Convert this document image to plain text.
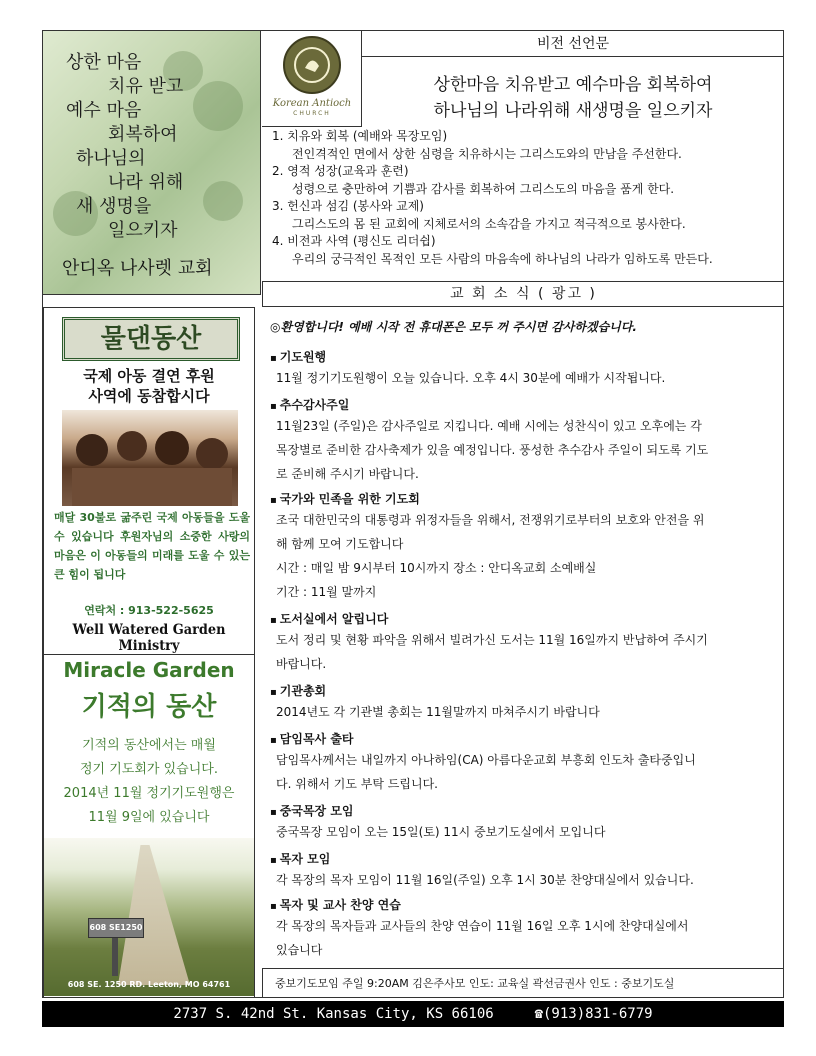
상한 마음
치유 받고
예수 마음
회복하여
하나님의
나라 위해
새 생명을
일으키자
안디옥 나사렛 교회
Korean Antioch
CHURCH
비전 선언문
상한마음 치유받고 예수마음 회복하여
하나님의 나라위해 새생명을 일으키자
1. 치유와 회복 (예배와 목장모임)
전인격적인 면에서 상한 심령을 치유하시는 그리스도와의 만남을 주선한다.
2. 영적 성장(교육과 훈련)
성령으로 충만하여 기쁨과 감사를 회복하여 그리스도의 마음을 품게 한다.
3. 헌신과 섬김 (봉사와 교제)
그리스도의 몸 된 교회에 지체로서의 소속감을 가지고 적극적으로 봉사한다.
4. 비전과 사역 (평신도 리더쉽)
우리의 궁극적인 목적인 모든 사람의 마음속에 하나님의 나라가 임하도록 만든다.
교 회 소 식 ( 광고 )
물댄동산
국제 아동 결연 후원
사역에 동참합시다
매달 30불로 굶주린 국제 아동들을 도울 수 있습니다 후원자님의 소중한 사랑의 마음은 이 아동들의 미래를 도울 수 있는 큰 힘이 됩니다
연락처 : 913-522-5625
Well Watered Garden Ministry
Miracle Garden
기적의 동산
기적의 동산에서는 매월
정기 기도회가 있습니다.
2014년 11월 정기기도원행은
11월 9일에 있습니다
608 SE1250
608 SE. 1250 RD. Leeton, MO 64761
◎환영합니다! 예배 시작 전 휴대폰은 모두 꺼 주시면 감사하겠습니다.
▪ 기도원행
11월 정기기도원행이 오늘 있습니다. 오후 4시 30분에 예배가 시작됩니다.
▪ 추수감사주일
11월23일 (주일)은 감사주일로 지킵니다. 예배 시에는 성찬식이 있고 오후에는 각
목장별로 준비한 감사축제가 있을 예정입니다. 풍성한 추수감사 주일이 되도록 기도
로 준비해 주시기 바랍니다.
▪ 국가와 민족을 위한 기도회
조국 대한민국의 대통령과 위정자들을 위해서, 전쟁위기로부터의 보호와 안전을 위
해 함께 모여 기도합니다
시간 : 매일 밤 9시부터 10시까지 장소 : 안디옥교회 소예배실
기간 : 11월 말까지
▪ 도서실에서 알립니다
도서 정리 및 현황 파악을 위해서 빌려가신 도서는 11월 16일까지 반납하여 주시기
바랍니다.
▪ 기관총회
2014년도 각 기관별 총회는 11월말까지 마쳐주시기 바랍니다
▪ 담임목사 출타
담임목사께서는 내일까지 아나하임(CA) 아름다운교회 부흥회 인도차 출타중입니
다. 위해서 기도 부탁 드립니다.
▪ 중국목장 모임
중국목장 모임이 오는 15일(토) 11시 중보기도실에서 모입니다
▪ 목자 모임
각 목장의 목자 모임이 11월 16일(주일) 오후 1시 30분 찬양대실에서 있습니다.
▪ 목자 및 교사 찬양 연습
각 목장의 목자들과 교사들의 찬양 연습이 11월 16일 오후 1시에 찬양대실에서
있습니다
중보기도모임 주일 9:20AM 김은주사모 인도: 교육실 곽선금권사 인도 : 중보기도실
2737 S. 42nd St. Kansas City, KS 66106	☎(913)831-6779
